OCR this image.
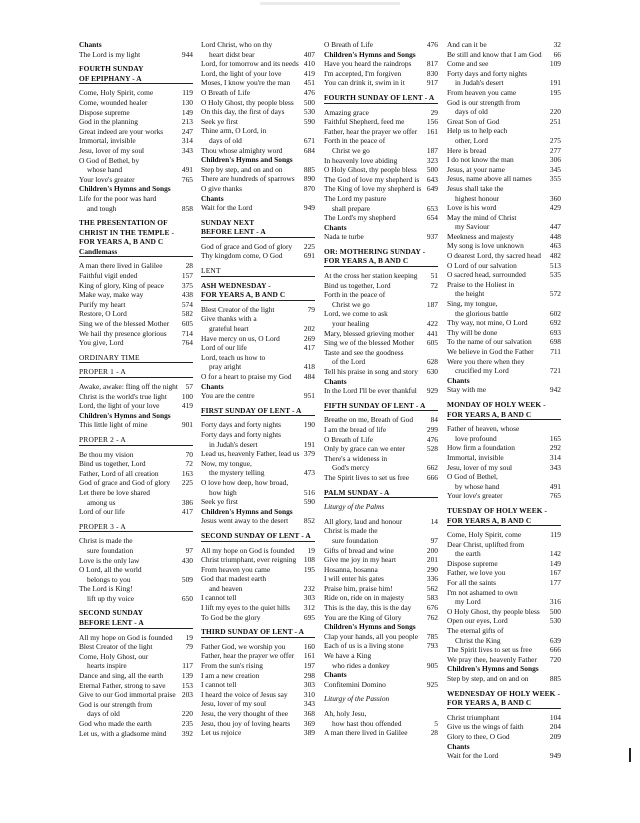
Chants
The Lord is my light	944
FOURTH SUNDAY
OF EPIPHANY - A
Come, Holy Spirit, come	119
Come, wounded healer	130
Dispose supreme	149
God in the planning	213
Great indeed are your works	247
Immortal, invisible	314
Jesu, lover of my soul	343
O God of Bethel, by
whose hand	491
Your love's greater	765
Children's Hymns and Songs
Life for the poor was hard
and tough	858
THE PRESENTATION OF
CHRIST IN THE TEMPLE -
FOR YEARS A, B AND C
Candlemass
A man there lived in Galilee	28
Faithful vigil ended	157
King of glory, King of peace	375
Make way, make way	438
Purify my heart	574
Restore, O Lord	582
Sing we of the blessed Mother	605
We hail thy presence glorious	714
You give, Lord	764
ORDINARY TIME
PROPER 1 - A
Awake, awake: fling off the night	57
Christ is the world's true light	100
Lord, the light of your love	419
Children's Hymns and Songs
This little light of mine	901
PROPER 2 - A
Be thou my vision	70
Bind us together, Lord	72
Father, Lord of all creation	163
God of grace and God of glory	225
Let there be love shared
among us	386
Lord of our life	417
PROPER 3 - A
Christ is made the
sure foundation	97
Love is the only law	430
O Lord, all the world
belongs to you	509
The Lord is King!
lift up thy voice	650
SECOND SUNDAY
BEFORE LENT - A
All my hope on God is founded	19
Blest Creator of the light	79
Come, Holy Ghost, our
hearts inspire	117
Dance and sing, all the earth	139
Eternal Father, strong to save	153
Give to our God immortal praise 203
God is our strength from
days of old	220
God who made the earth	235
Let us, with a gladsome mind	392
Lord Christ, who on thy
heart didst bear	407
Lord, for tomorrow and its needs 410
Lord, the light of your love	419
Moses, I know you're the man	451
O Breath of Life	476
O Holy Ghost, thy people bless	500
On this day, the first of days	530
Seek ye first	590
Thine arm, O Lord, in
days of old	671
Thou whose almighty word	684
Children's Hymns and Songs
Step by step, and on and on	885
There are hundreds of sparrows	890
O give thanks	870
Chants
Wait for the Lord	949
SUNDAY NEXT
BEFORE LENT - A
God of grace and God of glory	225
Thy kingdom come, O God	691
LENT
ASH WEDNESDAY -
FOR YEARS A, B AND C
Blest Creator of the light	79
Give thanks with a
grateful heart	202
Have mercy on us, O Lord	269
Lord of our life	417
Lord, teach us how to
pray aright	418
O for a heart to praise my God	484
Chants
You are the centre	951
FIRST SUNDAY OF LENT - A
Forty days and forty nights	190
Forty days and forty nights
in Judah's desert	191
Lead us, heavenly Father, lead us 379
Now, my tongue,
the mystery telling	473
O love how deep, how broad,
how high	516
Seek ye first	590
Children's Hymns and Songs
Jesus went away to the desert	852
SECOND SUNDAY OF LENT - A
All my hope on God is founded	19
Christ triumphant, ever reigning	108
From heaven you came	195
God that madest earth
and heaven	232
I cannot tell	303
I lift my eyes to the quiet hills	312
To God be the glory	695
THIRD SUNDAY OF LENT - A
Father God, we worship you	160
Father, hear the prayer we offer	161
From the sun's rising	197
I am a new creation	298
I cannot tell	303
I heard the voice of Jesus say	310
Jesu, lover of my soul	343
Jesu, the very thought of thee	368
Jesu, thou joy of loving hearts	369
Let us rejoice	389
O Breath of Life	476
Children's Hymns and Songs
Have you heard the raindrops	817
I'm accepted, I'm forgiven	830
You can drink it, swim in it	917
FOURTH SUNDAY OF LENT - A
Amazing grace	29
Faithful Shepherd, feed me	156
Father, hear the prayer we offer	161
Forth in the peace of
Christ we go	187
In heavenly love abiding	323
O Holy Ghost, thy people bless	500
The God of love my shepherd is	643
The King of love my shepherd is 649
The Lord my pasture
shall prepare	653
The Lord's my shepherd	654
Chants
Nada te turbe	937
OR: MOTHERING SUNDAY -
FOR YEARS A, B AND C
At the cross her station keeping	51
Bind us together, Lord	72
Forth in the peace of
Christ we go	187
Lord, we come to ask
your healing	422
Mary, blessed grieving mother	441
Sing we of the blessed Mother	605
Taste and see the goodness
of the Lord	628
Tell his praise in song and story	630
Chants
In the Lord I'll be ever thankful	929
FIFTH SUNDAY OF LENT - A
Breathe on me, Breath of God	84
I am the bread of life	299
O Breath of Life	476
Only by grace can we enter	528
There's a wideness in
God's mercy	662
The Spirit lives to set us free	666
PALM SUNDAY - A
Liturgy of the Palms
All glory, laud and honour	14
Christ is made the
sure foundation	97
Gifts of bread and wine	200
Give me joy in my heart	201
Hosanna, hosanna	290
I will enter his gates	336
Praise him, praise him!	562
Ride on, ride on in majesty	583
This is the day, this is the day	676
You are the King of Glory	762
Children's Hymns and Songs
Clap your hands, all you people	785
Each of us is a living stone	793
We have a King
who rides a donkey	905
Chants
Confitemini Domino	925
Liturgy of the Passion
Ah, holy Jesu,
how hast thou offended	5
A man there lived in Galilee	28
And can it be	32
Be still and know that I am God	66
Come and see	109
Forty days and forty nights
in Judah's desert	191
From heaven you came	195
God is our strength from
days of old	220
Great Son of God	251
Help us to help each
other, Lord	275
Here is bread	277
I do not know the man	306
Jesus, at your name	345
Jesus, name above all names	355
Jesus shall take the
highest honour	360
Love is his word	429
May the mind of Christ
my Saviour	447
Meekness and majesty	448
My song is love unknown	463
O dearest Lord, thy sacred head	482
O Lord of our salvation	513
O sacred head, surrounded	535
Praise to the Holiest in
the height	572
Sing, my tongue,
the glorious battle	602
Thy way, not mine, O Lord	692
Thy will be done	693
To the name of our salvation	698
We believe in God the Father	711
Were you there when they
crucified my Lord	721
Chants
Stay with me	942
MONDAY OF HOLY WEEK -
FOR YEARS A, B AND C
Father of heaven, whose
love profound	165
How firm a foundation	292
Immortal, invisible	314
Jesu, lover of my soul	343
O God of Bethel,
by whose hand	491
Your love's greater	765
TUESDAY OF HOLY WEEK -
FOR YEARS A, B AND C
Come, Holy Spirit, come	119
Dear Christ, uplifted from
the earth	142
Dispose supreme	149
Father, we love you	167
For all the saints	177
I'm not ashamed to own
my Lord	316
O Holy Ghost, thy people bless	500
Open our eyes, Lord	530
The eternal gifts of
Christ the King	639
The Spirit lives to set us free	666
We pray thee, heavenly Father	720
Children's Hymns and Songs
Step by step, and on and on	885
WEDNESDAY OF HOLY WEEK -
FOR YEARS A, B AND C
Christ triumphant	104
Give us the wings of faith	204
Glory to thee, O God	209
Chants
Wait for the Lord	949
